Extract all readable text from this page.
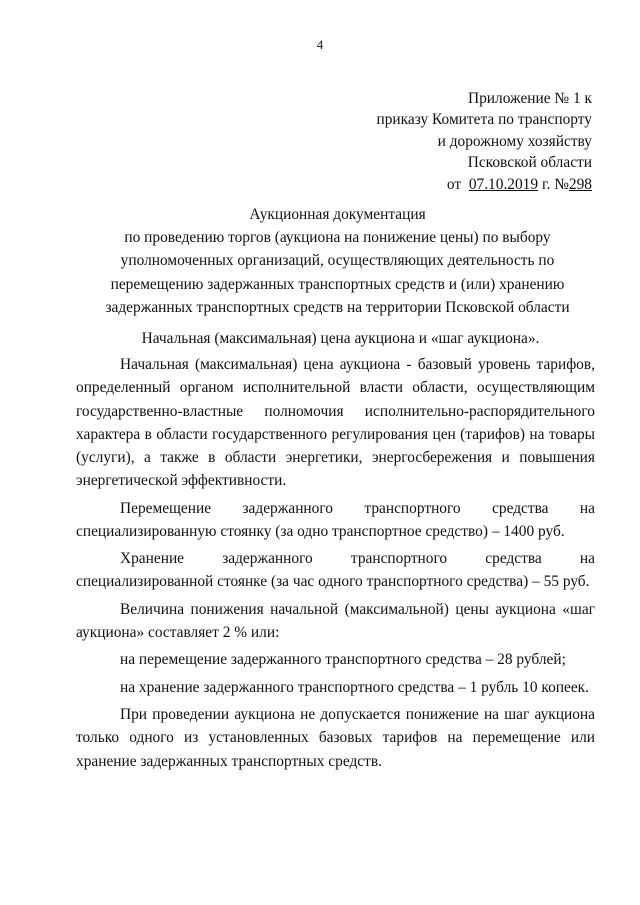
4
Приложение № 1 к
приказу Комитета по транспорту
и дорожному хозяйству
Псковской области
от 07.10.2019 г. №298
Аукционная документация
по проведению торгов (аукциона на понижение цены) по выбору
уполномоченных организаций, осуществляющих деятельность по
перемещению задержанных транспортных средств и (или) хранению
задержанных транспортных средств на территории Псковской области
Начальная (максимальная) цена аукциона и «шаг аукциона».

Начальная (максимальная) цена аукциона - базовый уровень тарифов, определенный органом исполнительной власти области, осуществляющим государственно-властные полномочия исполнительно-распорядительного характера в области государственного регулирования цен (тарифов) на товары (услуги), а также в области энергетики, энергосбережения и повышения энергетической эффективности.

Перемещение задержанного транспортного средства на специализированную стоянку (за одно транспортное средство) – 1400 руб.

Хранение задержанного транспортного средства на специализированной стоянке (за час одного транспортного средства) – 55 руб.

Величина понижения начальной (максимальной) цены аукциона «шаг аукциона» составляет 2 % или:

на перемещение задержанного транспортного средства – 28 рублей;

на хранение задержанного транспортного средства – 1 рубль 10 копеек.

При проведении аукциона не допускается понижение на шаг аукциона только одного из установленных базовых тарифов на перемещение или хранение задержанных транспортных средств.
